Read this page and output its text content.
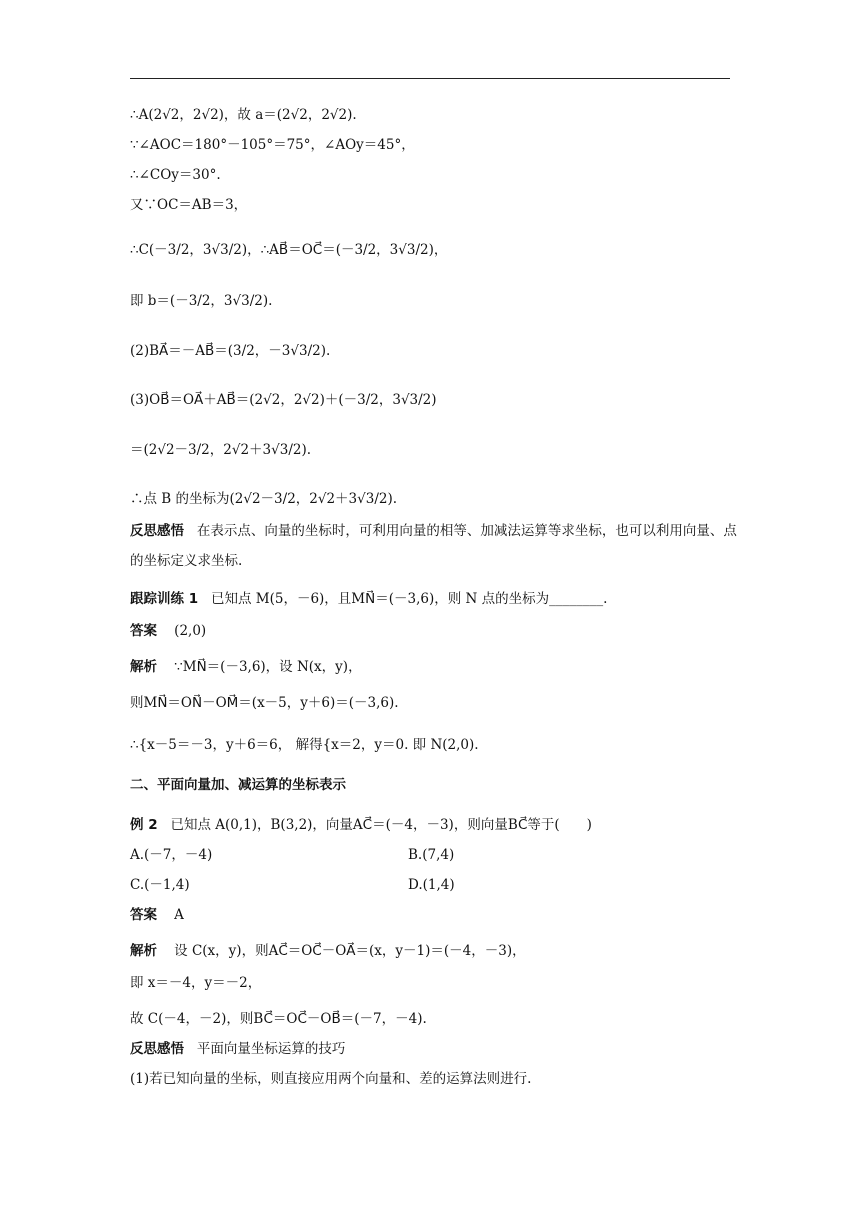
∴A(2√2，2√2)，故 a＝(2√2，2√2).
∵∠AOC＝180°－105°＝75°，∠AOy＝45°，
∴∠COy＝30°.
又∵OC＝AB＝3，
∴C(－3/2，3√3/2)，∴AB⃗＝OC⃗＝(－3/2，3√3/2)，
即 b＝(－3/2，3√3/2).
(2)BA⃗＝－AB⃗＝(3/2，－3√3/2).
(3)OB⃗＝OA⃗＋AB⃗＝(2√2，2√2)＋(－3/2，3√3/2)
＝(2√2－3/2，2√2＋3√3/2).
∴点 B 的坐标为(2√2－3/2，2√2＋3√3/2).
反思感悟 在表示点、向量的坐标时，可利用向量的相等、加减法运算等求坐标，也可以利用向量、点的坐标定义求坐标.
跟踪训练 1 已知点 M(5，－6)，且MN⃗＝(－3,6)，则 N 点的坐标为________.
答案 (2,0)
解析 ∵MN⃗＝(－3,6)，设 N(x，y)，
则MN⃗＝ON⃗－OM⃗＝(x－5，y＋6)＝(－3,6).
∴{x－5＝－3，y＋6＝6， 解得{x＝2，y＝0. 即 N(2,0).
二、平面向量加、减运算的坐标表示
例 2 已知点 A(0,1)，B(3,2)，向量AC⃗＝(－4，－3)，则向量BC⃗等于(　　)
A.(－7，－4)	B.(7,4)
C.(－1,4)	D.(1,4)
答案 A
解析 设 C(x，y)，则AC⃗＝OC⃗－OA⃗＝(x，y－1)＝(－4，－3)，
即 x＝－4，y＝－2，
故 C(－4，－2)，则BC⃗＝OC⃗－OB⃗＝(－7，－4).
反思感悟 平面向量坐标运算的技巧
(1)若已知向量的坐标，则直接应用两个向量和、差的运算法则进行.
